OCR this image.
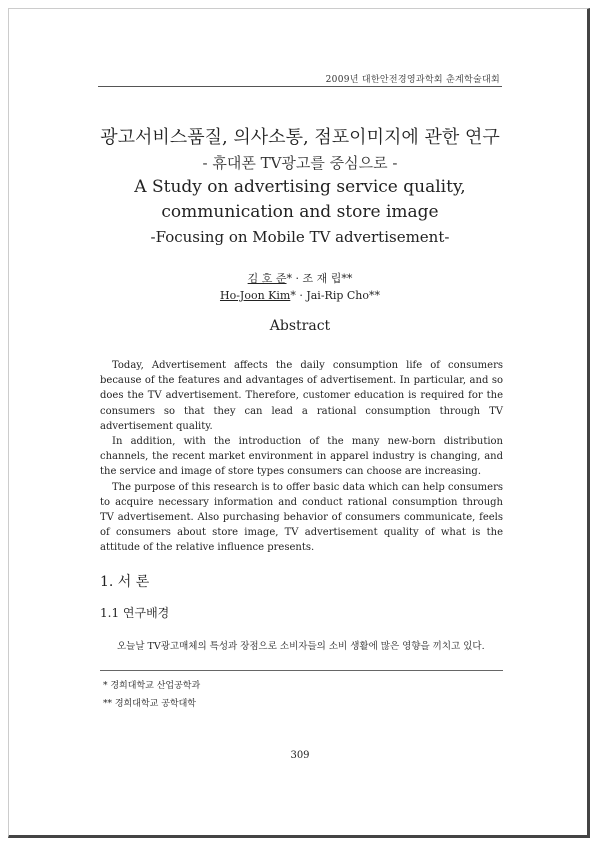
2009년 대한안전경영과학회 춘계학술대회
광고서비스품질, 의사소통, 점포이미지에 관한 연구
- 휴대폰 TV광고를 중심으로 -
A Study on advertising service quality,
communication and store image
-Focusing on Mobile TV advertisement-
김 호 준* · 조 재 립**
Ho-Joon Kim* · Jai-Rip Cho**
Abstract

Today, Advertisement affects the daily consumption life of consumers because of the features and advantages of advertisement. In particular, and so does the TV advertisement. Therefore, customer education is required for the consumers so that they can lead a rational consumption through TV advertisement quality.

In addition, with the introduction of the many new-born distribution channels, the recent market environment in apparel industry is changing, and the service and image of store types consumers can choose are increasing.

The purpose of this research is to offer basic data which can help consumers to acquire necessary information and conduct rational consumption through TV advertisement. Also purchasing behavior of consumers communicate, feels of consumers about store image, TV advertisement quality of what is the attitude of the relative influence presents.

1. 서 론
1.1 연구배경
오늘날 TV광고매체의 특성과 장점으로 소비자들의 소비 생활에 많은 영향을 끼치고 있다.
* 경희대학교 산업공학과
** 경희대학교 공학대학
309
